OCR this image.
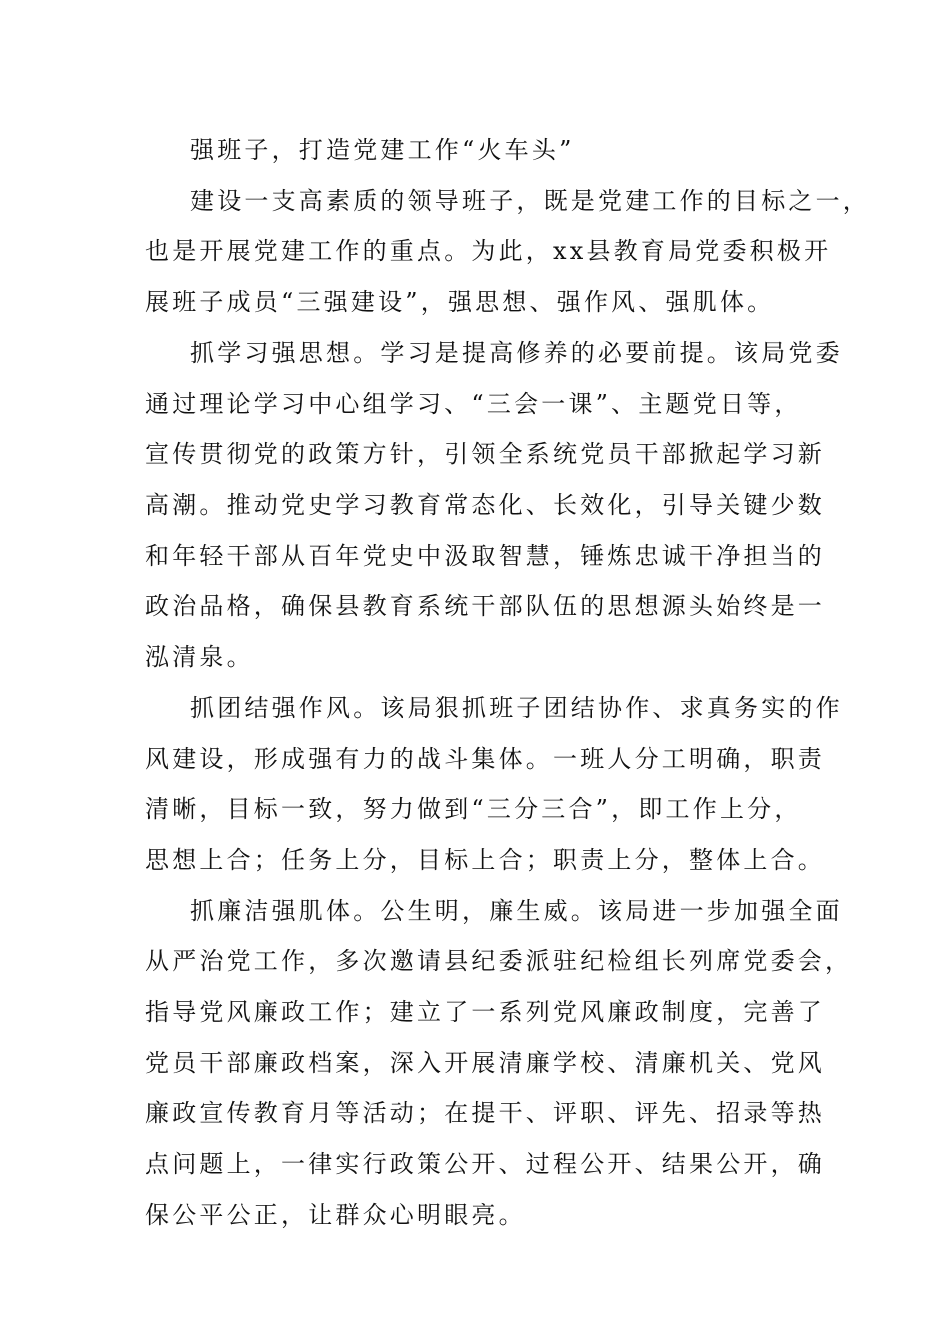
强班子，打造党建工作“火车头”
建设一支高素质的领导班子，既是党建工作的目标之一，
也是开展党建工作的重点。为此，xx县教育局党委积极开
展班子成员“三强建设”，强思想、强作风、强肌体。
抓学习强思想。学习是提高修养的必要前提。该局党委
通过理论学习中心组学习、“三会一课”、主题党日等，
宣传贯彻党的政策方针，引领全系统党员干部掀起学习新
高潮。推动党史学习教育常态化、长效化，引导关键少数
和年轻干部从百年党史中汲取智慧，锤炼忠诚干净担当的
政治品格，确保县教育系统干部队伍的思想源头始终是一
泓清泉。
抓团结强作风。该局狠抓班子团结协作、求真务实的作
风建设，形成强有力的战斗集体。一班人分工明确，职责
清晰，目标一致，努力做到“三分三合”，即工作上分，
思想上合；任务上分，目标上合；职责上分，整体上合。
抓廉洁强肌体。公生明，廉生威。该局进一步加强全面
从严治党工作，多次邀请县纪委派驻纪检组长列席党委会，
指导党风廉政工作；建立了一系列党风廉政制度，完善了
党员干部廉政档案，深入开展清廉学校、清廉机关、党风
廉政宣传教育月等活动；在提干、评职、评先、招录等热
点问题上，一律实行政策公开、过程公开、结果公开，确
保公平公正，让群众心明眼亮。
